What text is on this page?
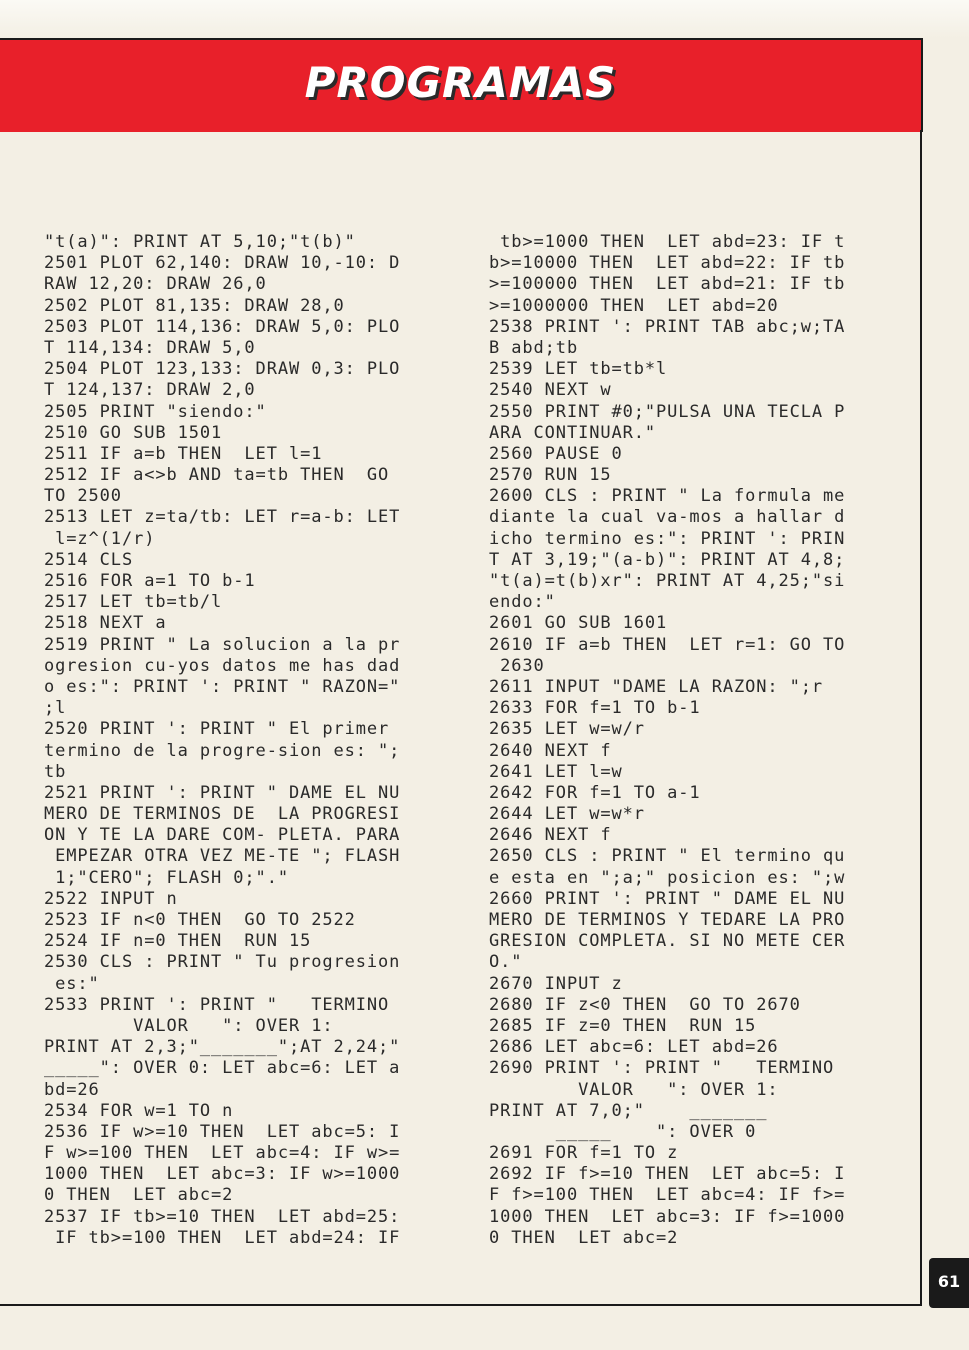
PROGRAMAS
"t(a)": PRINT AT 5,10;"t(b)"
2501 PLOT 62,140: DRAW 10,-10: D
RAW 12,20: DRAW 26,0
2502 PLOT 81,135: DRAW 28,0
2503 PLOT 114,136: DRAW 5,0: PLO
T 114,134: DRAW 5,0
2504 PLOT 123,133: DRAW 0,3: PLO
T 124,137: DRAW 2,0
2505 PRINT "siendo:"
2510 GO SUB 1501
2511 IF a=b THEN  LET l=1
2512 IF a<>b AND ta=tb THEN  GO
TO 2500
2513 LET z=ta/tb: LET r=a-b: LET
l=z^(1/r)
2514 CLS
2516 FOR a=1 TO b-1
2517 LET tb=tb/l
2518 NEXT a
2519 PRINT " La solucion a la pr
ogresion cu-yos datos me has dad
o es:": PRINT ': PRINT " RAZON="
;l
2520 PRINT ': PRINT " El primer
termino de la progre-sion es: ";
tb
2521 PRINT ': PRINT " DAME EL NU
MERO DE TERMINOS DE  LA PROGRESI
ON Y TE LA DARE COM- PLETA. PARA
EMPEZAR OTRA VEZ ME-TE "; FLASH
1;"CERO"; FLASH 0;"."
2522 INPUT n
2523 IF n<0 THEN  GO TO 2522
2524 IF n=0 THEN  RUN 15
2530 CLS : PRINT " Tu progresion
es:"
2533 PRINT ': PRINT "   TERMINO
VALOR   ": OVER 1:
PRINT AT 2,3;"_______";AT 2,24;"
_____": OVER 0: LET abc=6: LET a
bd=26
2534 FOR w=1 TO n
2536 IF w>=10 THEN  LET abc=5: I
F w>=100 THEN  LET abc=4: IF w>=
1000 THEN  LET abc=3: IF w>=1000
0 THEN  LET abc=2
2537 IF tb>=10 THEN  LET abd=25:
IF tb>=100 THEN  LET abd=24: IF
tb>=1000 THEN  LET abd=23: IF t
b>=10000 THEN  LET abd=22: IF tb
>=100000 THEN  LET abd=21: IF tb
>=1000000 THEN  LET abd=20
2538 PRINT ': PRINT TAB abc;w;TA
B abd;tb
2539 LET tb=tb*l
2540 NEXT w
2550 PRINT #0;"PULSA UNA TECLA P
ARA CONTINUAR."
2560 PAUSE 0
2570 RUN 15
2600 CLS : PRINT " La formula me
diante la cual va-mos a hallar d
icho termino es:": PRINT ': PRIN
T AT 3,19;"(a-b)": PRINT AT 4,8;
"t(a)=t(b)xr": PRINT AT 4,25;"si
endo:"
2601 GO SUB 1601
2610 IF a=b THEN  LET r=1: GO TO
2630
2611 INPUT "DAME LA RAZON: ";r
2633 FOR f=1 TO b-1
2635 LET w=w/r
2640 NEXT f
2641 LET l=w
2642 FOR f=1 TO a-1
2644 LET w=w*r
2646 NEXT f
2650 CLS : PRINT " El termino qu
e esta en ";a;" posicion es: ";w
2660 PRINT ': PRINT " DAME EL NU
MERO DE TERMINOS Y TEDARE LA PRO
GRESION COMPLETA. SI NO METE CER
O."
2670 INPUT z
2680 IF z<0 THEN  GO TO 2670
2685 IF z=0 THEN  RUN 15
2686 LET abc=6: LET abd=26
2690 PRINT ': PRINT "   TERMINO
VALOR   ": OVER 1:
PRINT AT 7,0;"    _______
_____    ": OVER 0
2691 FOR f=1 TO z
2692 IF f>=10 THEN  LET abc=5: I
F f>=100 THEN  LET abc=4: IF f>=
1000 THEN  LET abc=3: IF f>=1000
0 THEN  LET abc=2
61
